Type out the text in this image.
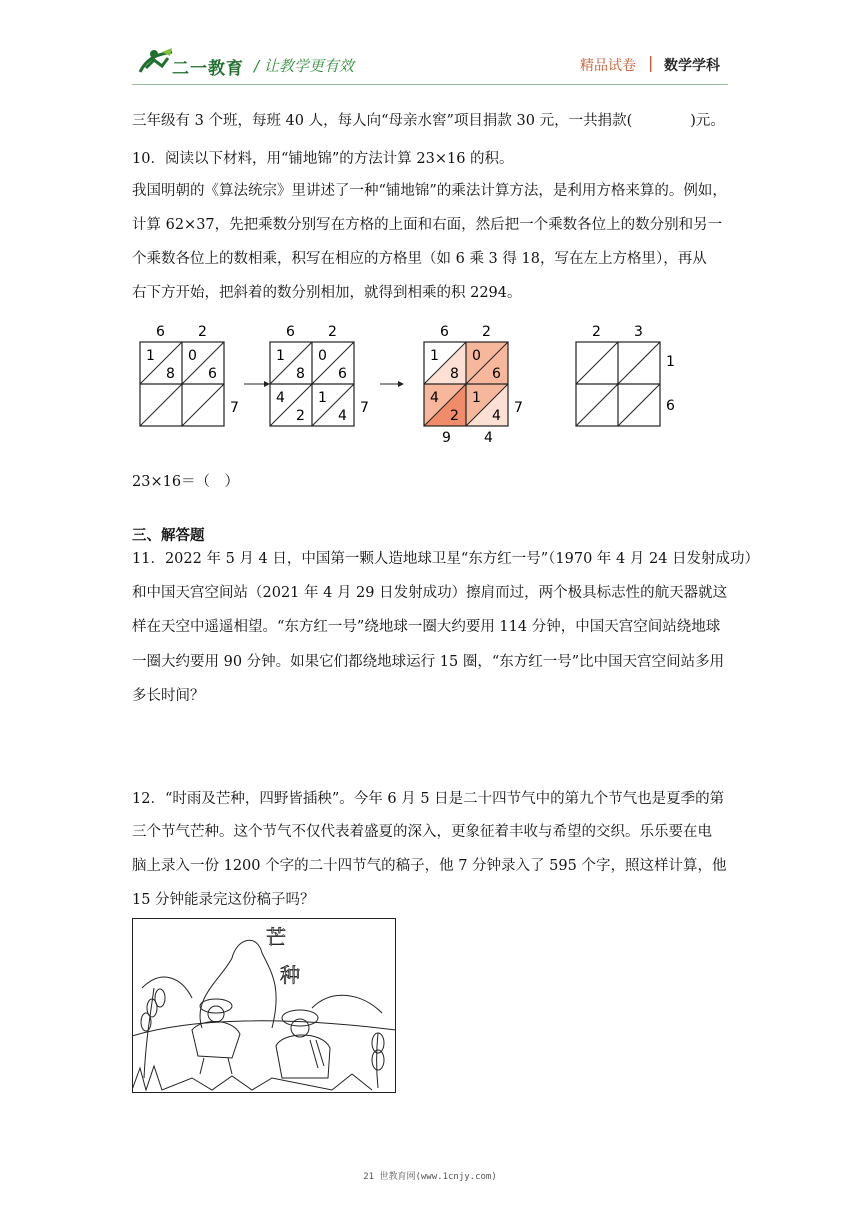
二一教育 / 让教学更有效	精品试卷 | 数学学科
三年级有 3 个班，每班 40 人，每人向“母亲水窖”项目捐款 30 元，一共捐款(　　　　)元。
10．阅读以下材料，用“铺地锦”的方法计算 23×16 的积。
我国明朝的《算法统宗》里讲述了一种“铺地锦”的乘法计算方法，是利用方格来算的。例如，
计算 62×37，先把乘数分别写在方格的上面和右面，然后把一个乘数各位上的数分别和另一
个乘数各位上的数相乘，积写在相应的方格里（如 6 乘 3 得 18，写在左上方格里），再从
右下方开始，把斜着的数分别相加，就得到相乘的积 2294。
6 2
1
8
0
6
7
6 2
1
8
0
6
4
2
1
4 7
6 2
1
8
0
6
4
2
1
4 7
9 4
2 3
1
6
23×16＝（　）
三、解答题
11．2022 年 5 月 4 日，中国第一颗人造地球卫星“东方红一号”（1970 年 4 月 24 日发射成功）
和中国天宫空间站（2021 年 4 月 29 日发射成功）擦肩而过，两个极具标志性的航天器就这
样在天空中遥遥相望。“东方红一号”绕地球一圈大约要用 114 分钟，中国天宫空间站绕地球
一圈大约要用 90 分钟。如果它们都绕地球运行 15 圈，“东方红一号”比中国天宫空间站多用
多长时间？
12．“时雨及芒种，四野皆插秧”。今年 6 月 5 日是二十四节气中的第九个节气也是夏季的第
三个节气芒种。这个节气不仅代表着盛夏的深入，更象征着丰收与希望的交织。乐乐要在电
脑上录入一份 1200 个字的二十四节气的稿子，他 7 分钟录入了 595 个字，照这样计算，他
15 分钟能录完这份稿子吗？
芒
种
21 世教育网(www.1cnjy.com)
